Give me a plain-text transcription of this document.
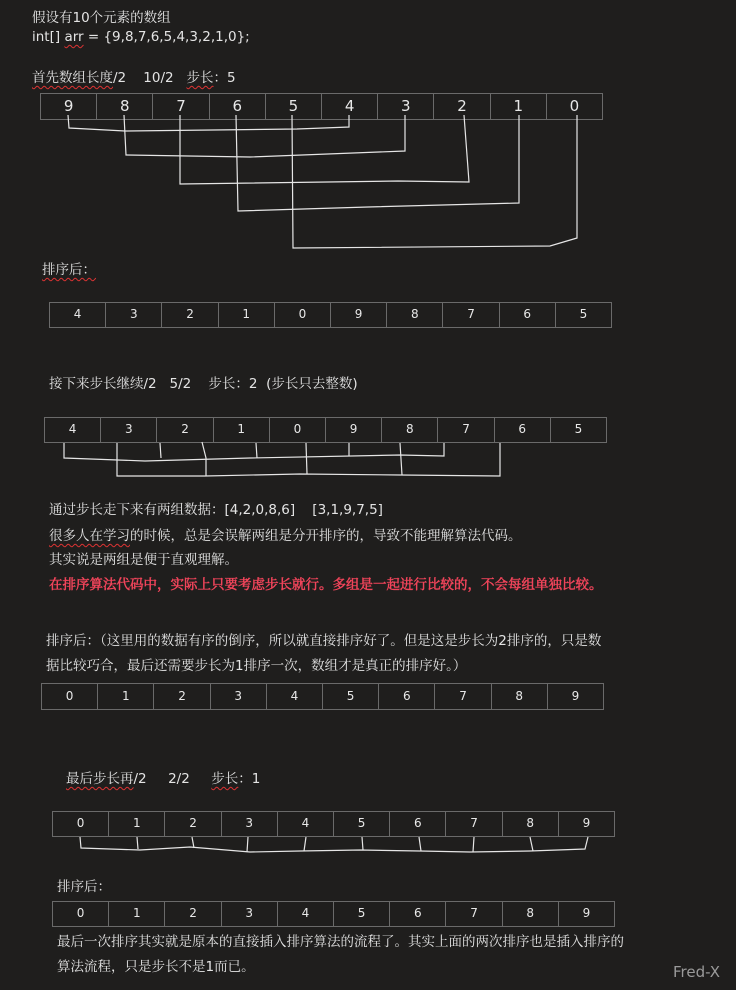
假设有10个元素的数组
int[] arr = {9,8,7,6,5,4,3,2,1,0};
首先数组长度/2    10/2   步长：5
9	8	7	6	5	4	3	2	1	0
排序后：
4	3	2	1	0	9	8	7	6	5
接下来步长继续/2   5/2    步长：2  (步长只去整数)
4	3	2	1	0	9	8	7	6	5
通过步长走下来有两组数据：[4,2,0,8,6]    [3,1,9,7,5]
很多人在学习的时候，总是会误解两组是分开排序的，导致不能理解算法代码。
其实说是两组是便于直观理解。
在排序算法代码中，实际上只要考虑步长就行。多组是一起进行比较的，不会每组单独比较。
排序后：（这里用的数据有序的倒序，所以就直接排序好了。但是这是步长为2排序的，只是数
据比较巧合，最后还需要步长为1排序一次，数组才是真正的排序好。）
0	1	2	3	4	5	6	7	8	9
最后步长再/2     2/2     步长：1
0	1	2	3	4	5	6	7	8	9
排序后：
0	1	2	3	4	5	6	7	8	9
最后一次排序其实就是原本的直接插入排序算法的流程了。其实上面的两次排序也是插入排序的
算法流程，只是步长不是1而已。	Fred-X
